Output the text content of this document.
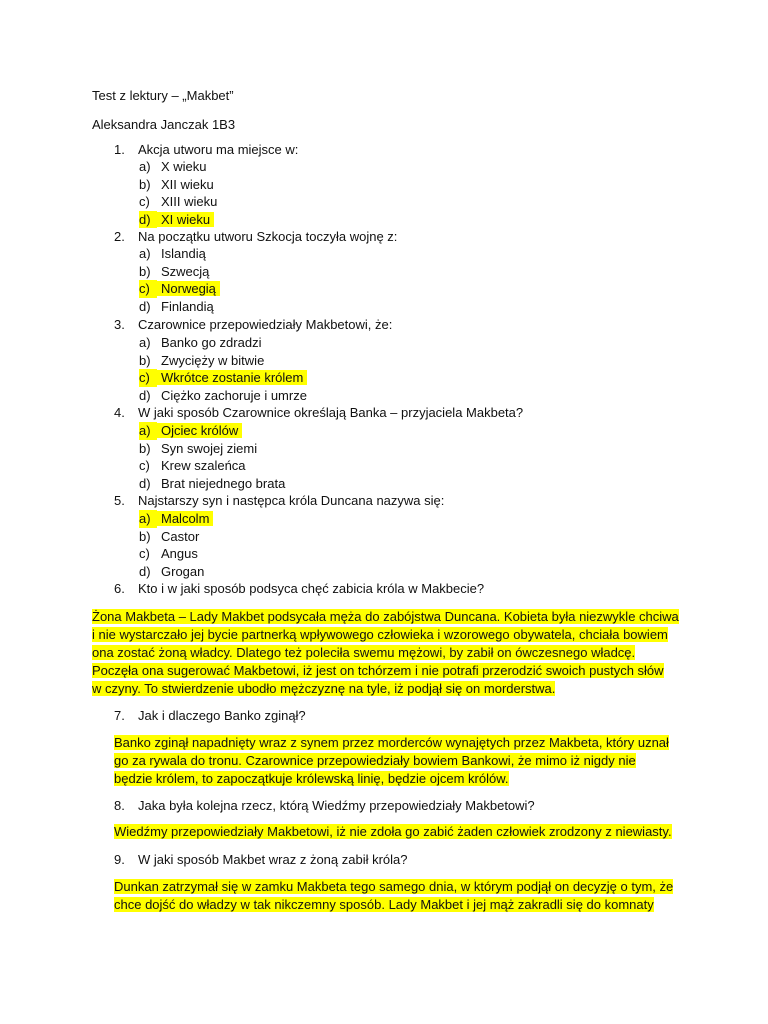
Test z lektury – „Makbet”
Aleksandra Janczak 1B3
1. Akcja utworu ma miejsce w:
a) X wieku
b) XII wieku
c) XIII wieku
d) XI wieku
2. Na początku utworu Szkocja toczyła wojnę z:
a) Islandią
b) Szwecją
c) Norwegią
d) Finlandią
3. Czarownice przepowiedziały Makbetowi, że:
a) Banko go zdradzi
b) Zwycięży w bitwie
c) Wkrótce zostanie królem
d) Ciężko zachoruje i umrze
4. W jaki sposób Czarownice określają Banka – przyjaciela Makbeta?
a) Ojciec królów
b) Syn swojej ziemi
c) Krew szaleńca
d) Brat niejednego brata
5. Najstarszy syn i następca króla Duncana nazywa się:
a) Malcolm
b) Castor
c) Angus
d) Grogan
6. Kto i w jaki sposób podsyca chęć zabicia króla w Makbecie?
Żona Makbeta – Lady Makbet podsycała męża do zabójstwa Duncana. Kobieta była niezwykle chciwa
i nie wystarczało jej bycie partnerką wpływowego człowieka i wzorowego obywatela, chciała bowiem
ona zostać żoną władcy. Dlatego też poleciła swemu mężowi, by zabił on ówczesnego władcę.
Poczęła ona sugerować Makbetowi, iż jest on tchórzem i nie potrafi przerodzić swoich pustych słów
w czyny. To stwierdzenie ubodło mężczyznę na tyle, iż podjął się on morderstwa.
7. Jak i dlaczego Banko zginął?
Banko zginął napadnięty wraz z synem przez morderców wynajętych przez Makbeta, który uznał
go za rywala do tronu. Czarownice przepowiedziały bowiem Bankowi, że mimo iż nigdy nie
będzie królem, to zapoczątkuje królewską linię, będzie ojcem królów.
8. Jaka była kolejna rzecz, którą Wiedźmy przepowiedziały Makbetowi?
Wiedźmy przepowiedziały Makbetowi, iż nie zdoła go zabić żaden człowiek zrodzony z niewiasty.
9. W jaki sposób Makbet wraz z żoną zabił króla?
Dunkan zatrzymał się w zamku Makbeta tego samego dnia, w którym podjął on decyzję o tym, że
chce dojść do władzy w tak nikczemny sposób. Lady Makbet i jej mąż zakradli się do komnaty
